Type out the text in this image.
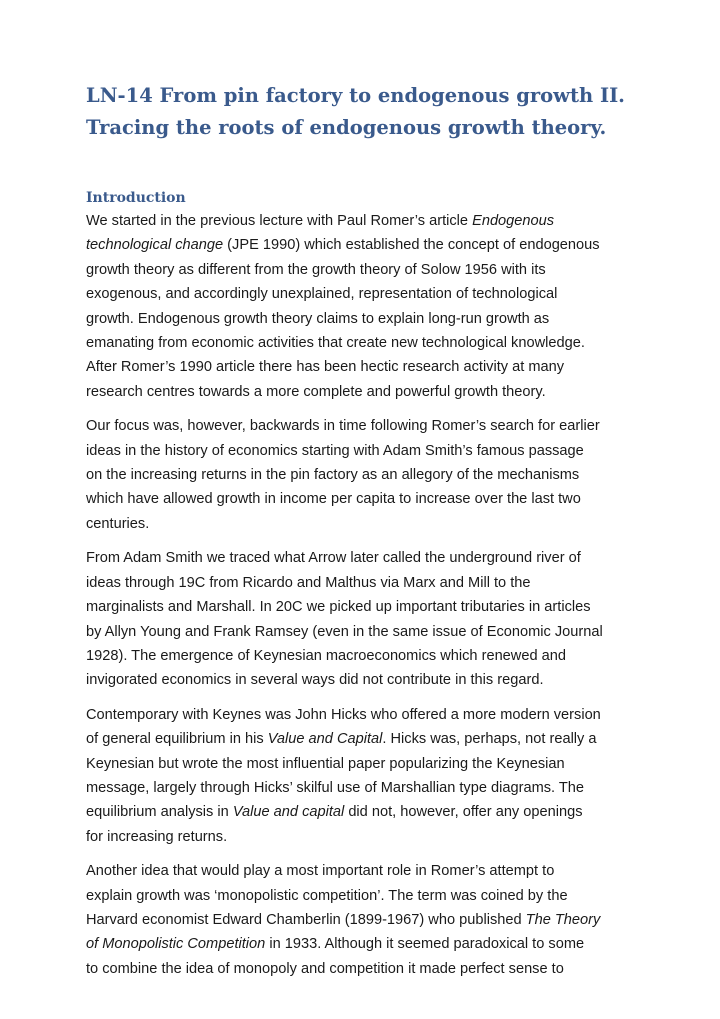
LN-14 From pin factory to endogenous growth II.
Tracing the roots of endogenous growth theory.
Introduction

We started in the previous lecture with Paul Romer’s article Endogenous
technological change (JPE 1990) which established the concept of endogenous
growth theory as different from the growth theory of Solow 1956 with its
exogenous, and accordingly unexplained, representation of technological
growth. Endogenous growth theory claims to explain long-run growth as
emanating from economic activities that create new technological knowledge.
After Romer’s 1990 article there has been hectic research activity at many
research centres towards a more complete and powerful growth theory.

Our focus was, however, backwards in time following Romer’s search for earlier
ideas in the history of economics starting with Adam Smith’s famous passage
on the increasing returns in the pin factory as an allegory of the mechanisms
which have allowed growth in income per capita to increase over the last two
centuries.

From Adam Smith we traced what Arrow later called the underground river of
ideas through 19C from Ricardo and Malthus via Marx and Mill to the
marginalists and Marshall. In 20C we picked up important tributaries in articles
by Allyn Young and Frank Ramsey (even in the same issue of Economic Journal
1928). The emergence of Keynesian macroeconomics which renewed and
invigorated economics in several ways did not contribute in this regard.

Contemporary with Keynes was John Hicks who offered a more modern version
of general equilibrium in his Value and Capital. Hicks was, perhaps, not really a
Keynesian but wrote the most influential paper popularizing the Keynesian
message, largely through Hicks’ skilful use of Marshallian type diagrams. The
equilibrium analysis in Value and capital did not, however, offer any openings
for increasing returns.

Another idea that would play a most important role in Romer’s attempt to
explain growth was ‘monopolistic competition’. The term was coined by the
Harvard economist Edward Chamberlin (1899-1967) who published The Theory
of Monopolistic Competition in 1933. Although it seemed paradoxical to some
to combine the idea of monopoly and competition it made perfect sense to
